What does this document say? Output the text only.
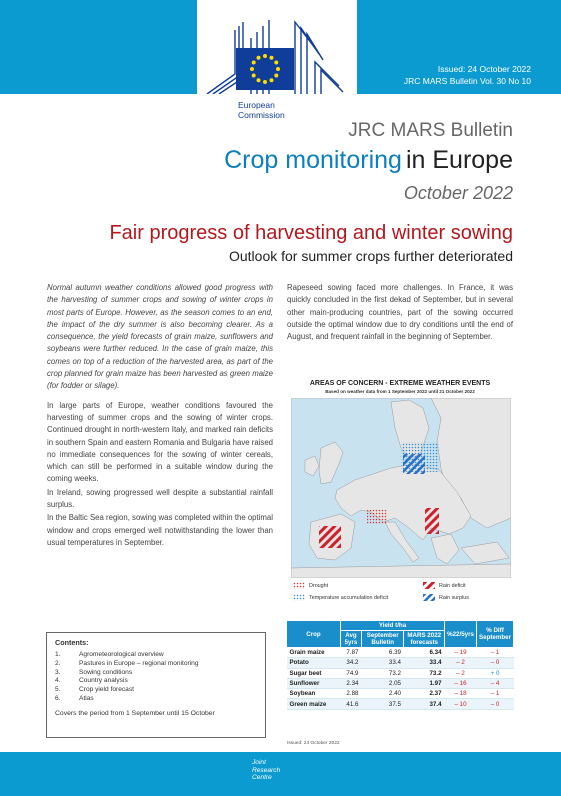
European
Commission
Issued: 24 October 2022
JRC MARS Bulletin Vol. 30 No 10
JRC MARS Bulletin
Crop monitoring in Europe
October 2022
Fair progress of harvesting and winter sowing
Outlook for summer crops further deteriorated

Normal autumn weather conditions allowed good progress with the harvesting of summer crops and sowing of winter crops in most parts of Europe. However, as the season comes to an end, the impact of the dry summer is also becoming clearer. As a consequence, the yield forecasts of grain maize, sunflowers and soybeans were further reduced. In the case of grain maize, this comes on top of a reduction of the harvested area, as part of the crop planned for grain maize has been harvested as green maize (for fodder or silage).

In large parts of Europe, weather conditions favoured the harvesting of summer crops and the sowing of winter crops. Continued drought in north-western Italy, and marked rain deficits in southern Spain and eastern Romania and Bulgaria have raised no immediate consequences for the sowing of winter cereals, which can still be performed in a suitable window during the coming weeks.

In Ireland, sowing progressed well despite a substantial rainfall surplus.

In the Baltic Sea region, sowing was completed within the optimal window and crops emerged well notwithstanding the lower than usual temperatures in September.

Rapeseed sowing faced more challenges. In France, it was quickly concluded in the first dekad of September, but in several other main-producing countries, part of the sowing occurred outside the optimal window due to dry conditions until the end of August, and frequent rainfall in the beginning of September.

AREAS OF CONCERN - EXTREME WEATHER EVENTS
Based on weather data from 1 September 2022 until 21 October 2022
Drought
Temperature accumulation deficit
Rain deficit
Rain surplus
Contents:
1.	Agrometeorological overview
2.	Pastures in Europe – regional monitoring
3.	Sowing conditions
4.	Country analysis
5.	Crop yield forecast
6.	Atlas
Covers the period from 1 September until 15 October
Crop	Yield t/ha			%22/5yrs	% Diff September
	Avg 5yrs	September Bulletin	MARS 2022 forecasts		
Grain maize	7.87	6.39	6.34	– 19	– 1
Potato	34.2	33.4	33.4	– 2	– 0
Sugar beet	74.9	73.2	73.2	– 2	+ 0
Sunflower	2.34	2.05	1.97	– 16	– 4
Soybean	2.88	2.40	2.37	– 18	– 1
Green maize	41.6	37.5	37.4	– 10	– 0
Issued: 24 October 2022
Joint
Research
Centre
